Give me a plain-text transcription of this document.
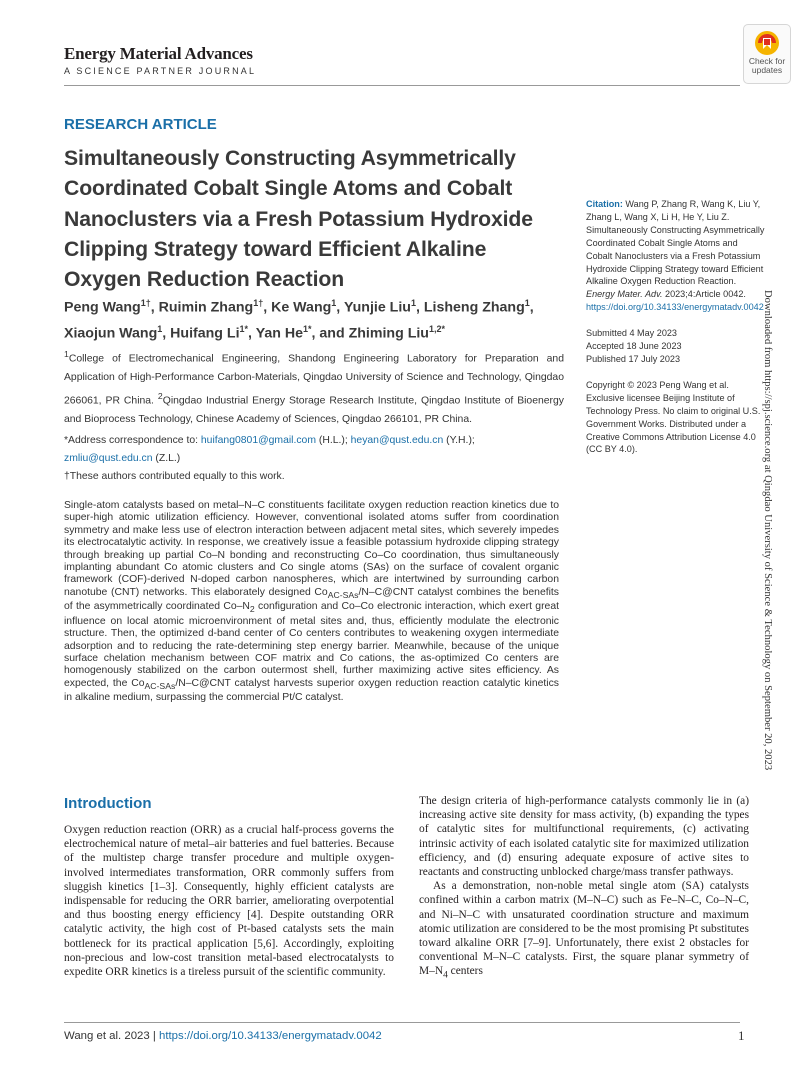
Energy Material Advances
A SCIENCE PARTNER JOURNAL
Check for
updates
RESEARCH ARTICLE
Simultaneously Constructing Asymmetrically Coordinated Cobalt Single Atoms and Cobalt Nanoclusters via a Fresh Potassium Hydroxide Clipping Strategy toward Efficient Alkaline Oxygen Reduction Reaction
Peng Wang$^{1\dagger}$, Ruimin Zhang$^{1\dagger}$, Ke Wang$^1$, Yunjie Liu$^1$, Lisheng Zhang$^1$, Xiaojun Wang$^1$, Huifang $Li^{1*}$, Yan $He^{1*}$, and Zhiming Liu$^{1,2*}$
$^1$College of Electromechanical Engineering, Shandong Engineering Laboratory for Preparation and Application of High-Performance Carbon-Materials, Qingdao University of Science and Technology, Qingdao 266061, PR China. $^2$Qingdao Industrial Energy Storage Research Institute, Qingdao Institute of Bioenergy and Bioprocess Technology, Chinese Academy of Sciences, Qingdao 266101, PR China.
*Address correspondence to: huifang0801@gmail.com (H.L.); heyan@qust.edu.cn (Y.H.); zmliu@qust.edu.cn (Z.L.)
†These authors contributed equally to this work.

Citation: Wang P, Zhang R, Wang K, Liu Y, Zhang L, Wang X, Li H, He Y, Liu Z. Simultaneously Constructing Asymmetrically Coordinated Cobalt Single Atoms and Cobalt Nanoclusters via a Fresh Potassium Hydroxide Clipping Strategy toward Efficient Alkaline Oxygen Reduction Reaction. Energy Mater. Adv. 2023;4:Article 0042. https://doi.org/10.34133/energymatadv.0042

Submitted 4 May 2023

Accepted 18 June 2023

Published 17 July 2023

Copyright © 2023 Peng Wang et al. Exclusive licensee Beijing Institute of Technology Press. No claim to original U.S. Government Works. Distributed under a Creative Commons Attribution License 4.0 (CC BY 4.0).	Downloaded from https://spj.science.org at Qingdao University of Science & Technology on September 20, 2023
Single-atom catalysts based on metal–N–C constituents facilitate oxygen reduction reaction kinetics due to super-high atomic utilization efficiency. However, conventional isolated atoms suffer from coordination symmetry and make less use of electron interaction between adjacent metal sites, which severely impedes its electrocatalytic activity. In response, we creatively issue a feasible potassium hydroxide clipping strategy through breaking up partial Co–N bonding and reconstructing Co–Co coordination, thus simultaneously implanting abundant Co atomic clusters and Co single atoms (SAs) on the surface of covalent organic framework (COF)-derived N-doped carbon nanospheres, which are intertwined by surrounding carbon nanotube (CNT) networks. This elaborately designed $Co_{AC-SAs}/N-C@CNT$ catalyst combines the benefits of the asymmetrically coordinated $Co-N_2$ configuration and Co–Co electronic interaction, which exert great influence on local atomic microenvironment of metal sites and, thus, efficiently modulate the electronic structure. Then, the optimized d-band center of Co centers contributes to weakening oxygen intermediate adsorption and to reducing the rate-determining step energy barrier. Meanwhile, because of the unique surface chelation mechanism between COF matrix and Co cations, the as-optimized Co centers are homogenously stabilized on the carbon outermost shell, further maximizing active sites efficiency. As expected, the $Co_{AC-SAs}/N-C@CNT$ catalyst harvests superior oxygen reduction reaction catalytic kinetics in alkaline medium, surpassing the commercial Pt/C catalyst.
Introduction
Oxygen reduction reaction (ORR) as a crucial half-process governs the electrochemical nature of metal–air batteries and fuel batteries. Because of the multistep charge transfer procedure and multiple oxygen-involved intermediates transformation, ORR commonly suffers from sluggish kinetics [1–3]. Consequently, highly efficient catalysts are indispensable for reducing the ORR barrier, ameliorating overpotential and thus boosting energy efficiency [4]. Despite outstanding ORR catalytic activity, the high cost of Pt-based catalysts sets the main bottleneck for its practical application [5,6]. Accordingly, exploiting non-precious and low-cost transition metal-based electrocatalysts to expedite ORR kinetics is a tireless pursuit of the scientific community.

The design criteria of high-performance catalysts commonly lie in (a) increasing active site density for mass activity, (b) expanding the types of catalytic sites for multifunctional requirements, (c) activating intrinsic activity of each isolated catalytic site for maximized utilization efficiency, and (d) ensuring adequate exposure of active sites to reactants and constructing unblocked charge/mass transfer pathways.

As a demonstration, non-noble metal single atom (SA) catalysts confined within a carbon matrix (M–N–C) such as Fe–N–C, Co–N–C, and Ni–N–C with unsaturated coordination structure and maximum atomic utilization are considered to be the most promising Pt substitutes toward alkaline ORR [7–9]. Unfortunately, there exist 2 obstacles for conventional M–N–C catalysts. First, the square planar symmetry of $M-N_4$ centers

Wang et al. 2023 | https://doi.org/10.34133/energymatadv.0042	1
